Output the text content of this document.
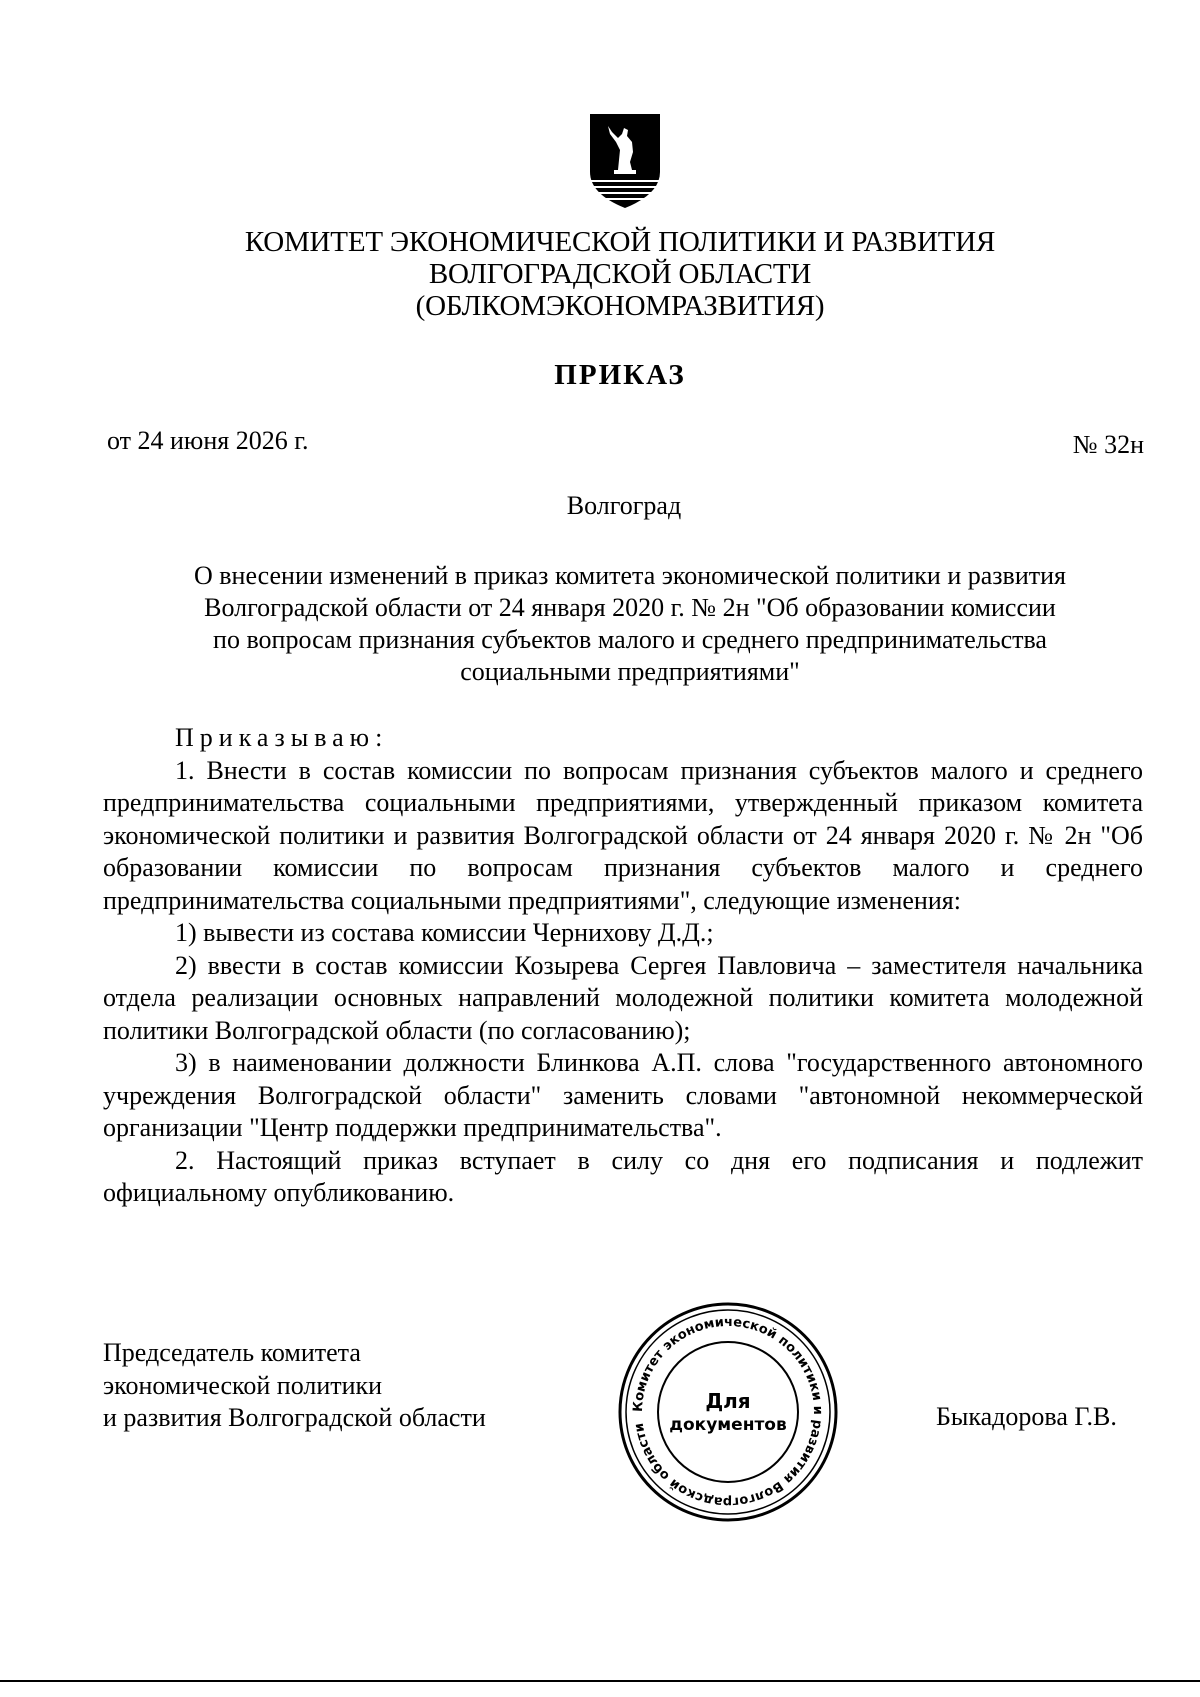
КОМИТЕТ ЭКОНОМИЧЕСКОЙ ПОЛИТИКИ И РАЗВИТИЯ
ВОЛГОГРАДСКОЙ ОБЛАСТИ
(ОБЛКОМЭКОНОМРАЗВИТИЯ)
ПРИКАЗ
от 24 июня 2026 г.	№ 32н
Волгоград
О внесении изменений в приказ комитета экономической политики и развития
Волгоградской области от 24 января 2020 г. № 2н "Об образовании комиссии
по вопросам признания субъектов малого и среднего предпринимательства
социальными предприятиями"

Приказываю:

1. Внести в состав комиссии по вопросам признания субъектов малого и среднего предпринимательства социальными предприятиями, утвержденный приказом комитета экономической политики и развития Волгоградской области от 24 января 2020 г. № 2н "Об образовании комиссии по вопросам признания субъектов малого и среднего предпринимательства социальными предприятиями", следующие изменения:

1) вывести из состава комиссии Чернихову Д.Д.;

2) ввести в состав комиссии Козырева Сергея Павловича – заместителя начальника отдела реализации основных направлений молодежной политики комитета молодежной политики Волгоградской области (по согласованию);

3) в наименовании должности Блинкова А.П. слова "государственного автономного учреждения Волгоградской области" заменить словами "автономной некоммерческой организации "Центр поддержки предпринимательства".

2. Настоящий приказ вступает в силу со дня его подписания и подлежит официальному опубликованию.

Председатель комитета
экономической политики
и развития Волгоградской области	Комитет экономической политики и развития Волгоградской области
Для
документов	Быкадорова Г.В.
